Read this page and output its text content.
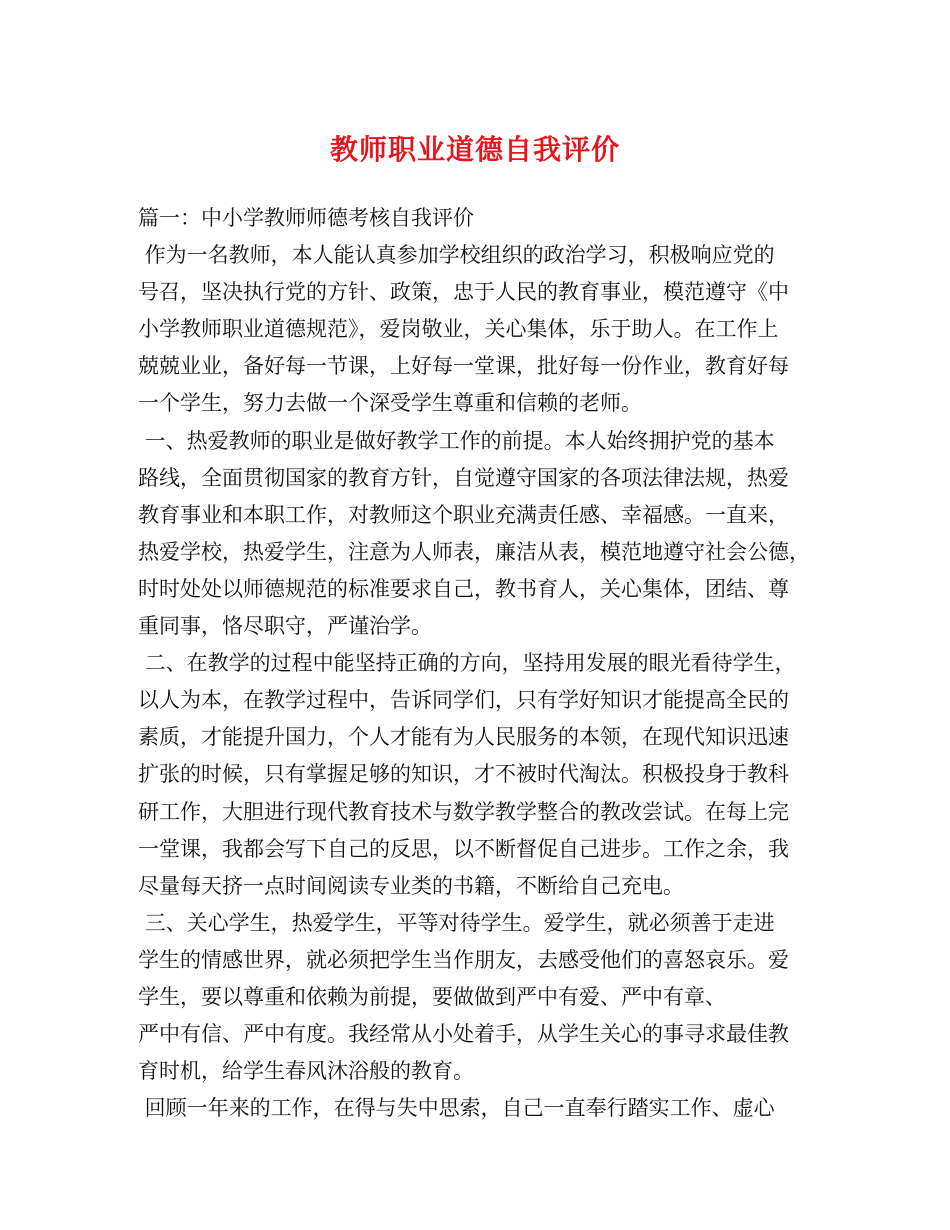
教师职业道德自我评价
篇一：中小学教师师德考核自我评价
作为一名教师，本人能认真参加学校组织的政治学习，积极响应党的
号召，坚决执行党的方针、政策，忠于人民的教育事业，模范遵守《中
小学教师职业道德规范》，爱岗敬业，关心集体，乐于助人。在工作上
兢兢业业，备好每一节课，上好每一堂课，批好每一份作业，教育好每
一个学生，努力去做一个深受学生尊重和信赖的老师。
一、热爱教师的职业是做好教学工作的前提。本人始终拥护党的基本
路线，全面贯彻国家的教育方针，自觉遵守国家的各项法律法规，热爱
教育事业和本职工作，对教师这个职业充满责任感、幸福感。一直来，
热爱学校，热爱学生，注意为人师表，廉洁从表，模范地遵守社会公德，
时时处处以师德规范的标准要求自己，教书育人，关心集体，团结、尊
重同事，恪尽职守，严谨治学。
二、在教学的过程中能坚持正确的方向，坚持用发展的眼光看待学生，
以人为本，在教学过程中，告诉同学们，只有学好知识才能提高全民的
素质，才能提升国力，个人才能有为人民服务的本领，在现代知识迅速
扩张的时候，只有掌握足够的知识，才不被时代淘汰。积极投身于教科
研工作，大胆进行现代教育技术与数学教学整合的教改尝试。在每上完
一堂课，我都会写下自己的反思，以不断督促自己进步。工作之余，我
尽量每天挤一点时间阅读专业类的书籍，不断给自己充电。
三、关心学生，热爱学生，平等对待学生。爱学生，就必须善于走进
学生的情感世界，就必须把学生当作朋友，去感受他们的喜怒哀乐。爱
学生，要以尊重和依赖为前提，要做做到严中有爱、严中有章、
严中有信、严中有度。我经常从小处着手，从学生关心的事寻求最佳教
育时机，给学生春风沐浴般的教育。
回顾一年来的工作，在得与失中思索，自己一直奉行踏实工作、虚心
